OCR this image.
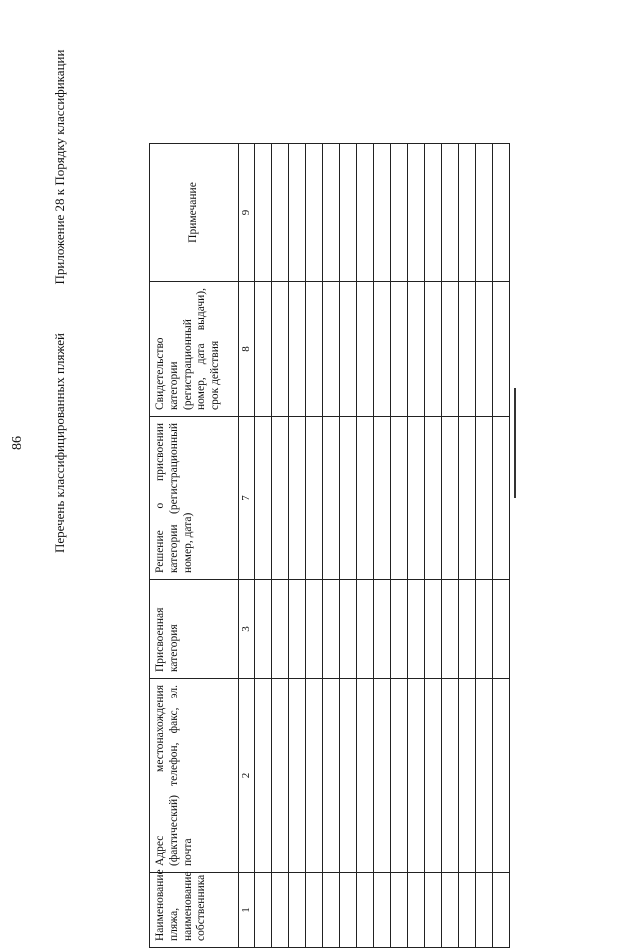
86
Приложение 28 к Порядку классификации
Перечень классифицированных пляжей
Наименование пляжа, наименование собственника	Адрес местонахождения (фактический) телефон, факс, эл. почта	Присвоенная категория	Решение о присвоении категории (регистрационный номер, дата)	Свидетельство категории (регистрационный номер, дата выдачи), срок действия	Примечание
1	2	3	7	8	9
